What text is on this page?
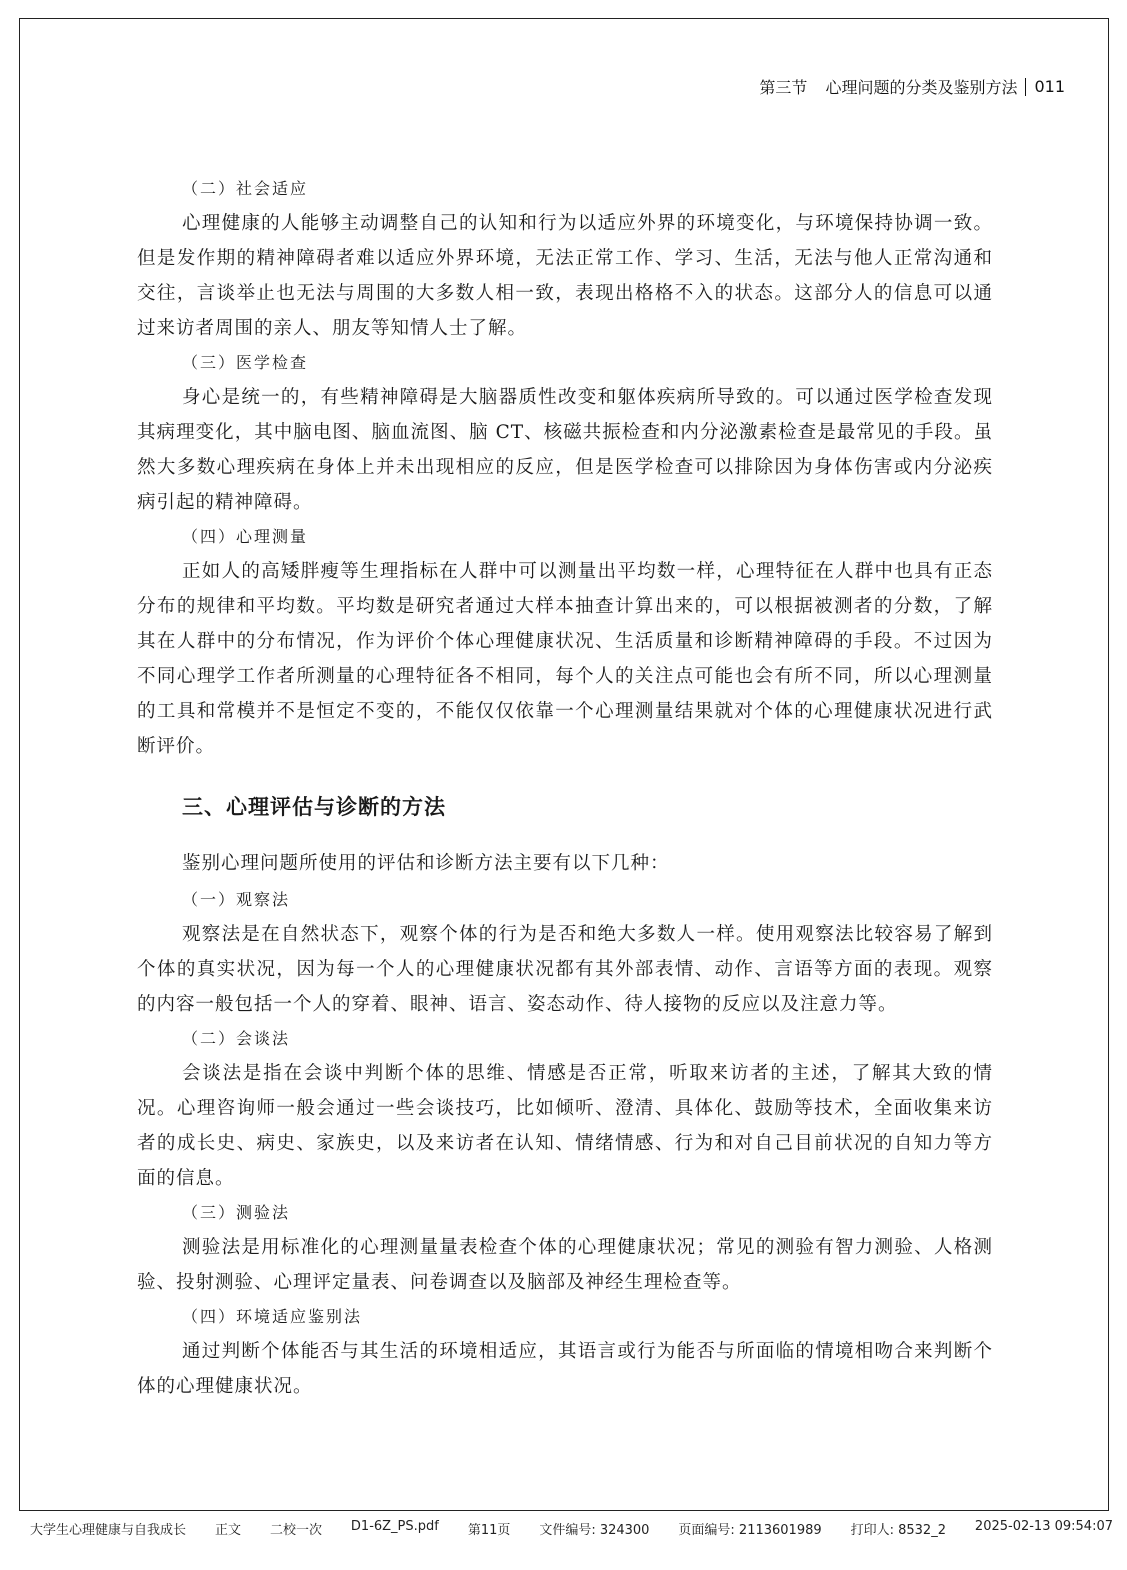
第三节 心理问题的分类及鉴别方法 011
（二）社会适应

心理健康的人能够主动调整自己的认知和行为以适应外界的环境变化，与环境保持协调一致。但是发作期的精神障碍者难以适应外界环境，无法正常工作、学习、生活，无法与他人正常沟通和交往，言谈举止也无法与周围的大多数人相一致，表现出格格不入的状态。这部分人的信息可以通过来访者周围的亲人、朋友等知情人士了解。

（三）医学检查

身心是统一的，有些精神障碍是大脑器质性改变和躯体疾病所导致的。可以通过医学检查发现其病理变化，其中脑电图、脑血流图、脑 CT、核磁共振检查和内分泌激素检查是最常见的手段。虽然大多数心理疾病在身体上并未出现相应的反应，但是医学检查可以排除因为身体伤害或内分泌疾病引起的精神障碍。

（四）心理测量

正如人的高矮胖瘦等生理指标在人群中可以测量出平均数一样，心理特征在人群中也具有正态分布的规律和平均数。平均数是研究者通过大样本抽查计算出来的，可以根据被测者的分数，了解其在人群中的分布情况，作为评价个体心理健康状况、生活质量和诊断精神障碍的手段。不过因为不同心理学工作者所测量的心理特征各不相同，每个人的关注点可能也会有所不同，所以心理测量的工具和常模并不是恒定不变的，不能仅仅依靠一个心理测量结果就对个体的心理健康状况进行武断评价。

三、心理评估与诊断的方法

鉴别心理问题所使用的评估和诊断方法主要有以下几种：

（一）观察法

观察法是在自然状态下，观察个体的行为是否和绝大多数人一样。使用观察法比较容易了解到个体的真实状况，因为每一个人的心理健康状况都有其外部表情、动作、言语等方面的表现。观察的内容一般包括一个人的穿着、眼神、语言、姿态动作、待人接物的反应以及注意力等。

（二）会谈法

会谈法是指在会谈中判断个体的思维、情感是否正常，听取来访者的主述，了解其大致的情况。心理咨询师一般会通过一些会谈技巧，比如倾听、澄清、具体化、鼓励等技术，全面收集来访者的成长史、病史、家族史，以及来访者在认知、情绪情感、行为和对自己目前状况的自知力等方面的信息。

（三）测验法

测验法是用标准化的心理测量量表检查个体的心理健康状况；常见的测验有智力测验、人格测验、投射测验、心理评定量表、问卷调查以及脑部及神经生理检查等。

（四）环境适应鉴别法

通过判断个体能否与其生活的环境相适应，其语言或行为能否与所面临的情境相吻合来判断个体的心理健康状况。

大学生心理健康与自我成长 正文 二校一次 D1-6Z_PS.pdf 第11页 文件编号: 324300 页面编号: 2113601989 打印人: 8532_2 2025-02-13 09:54:07
